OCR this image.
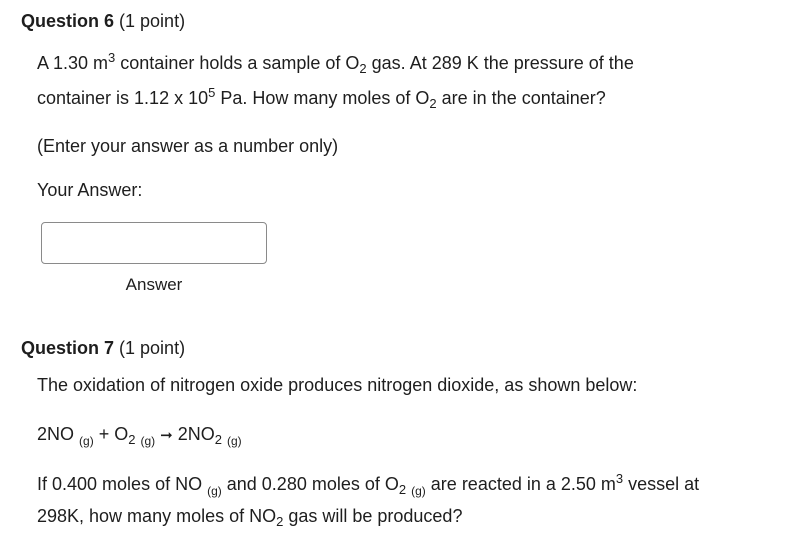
Question 6 (1 point)
A 1.30 $m^3$ container holds a sample of $O_2$ gas. At 289 K the pressure of the
container is 1.12 x $10^5$ Pa. How many moles of $O_2$ are in the container?
(Enter your answer as a number only)
Your Answer:
Answer
Question 7 (1 point)
The oxidation of nitrogen oxide produces nitrogen dioxide, as shown below:
2NO $_{(g)} + O_2$ $_{(g)}$ ➞ $2NO_2$ $_{(g)}$
If 0.400 moles of NO $_{(g)}$ and 0.280 moles of $O_2$ $_{(g)}$ are reacted in a 2.50 $m^3$ vessel at
298K, how many moles of $NO_2$ gas will be produced?
